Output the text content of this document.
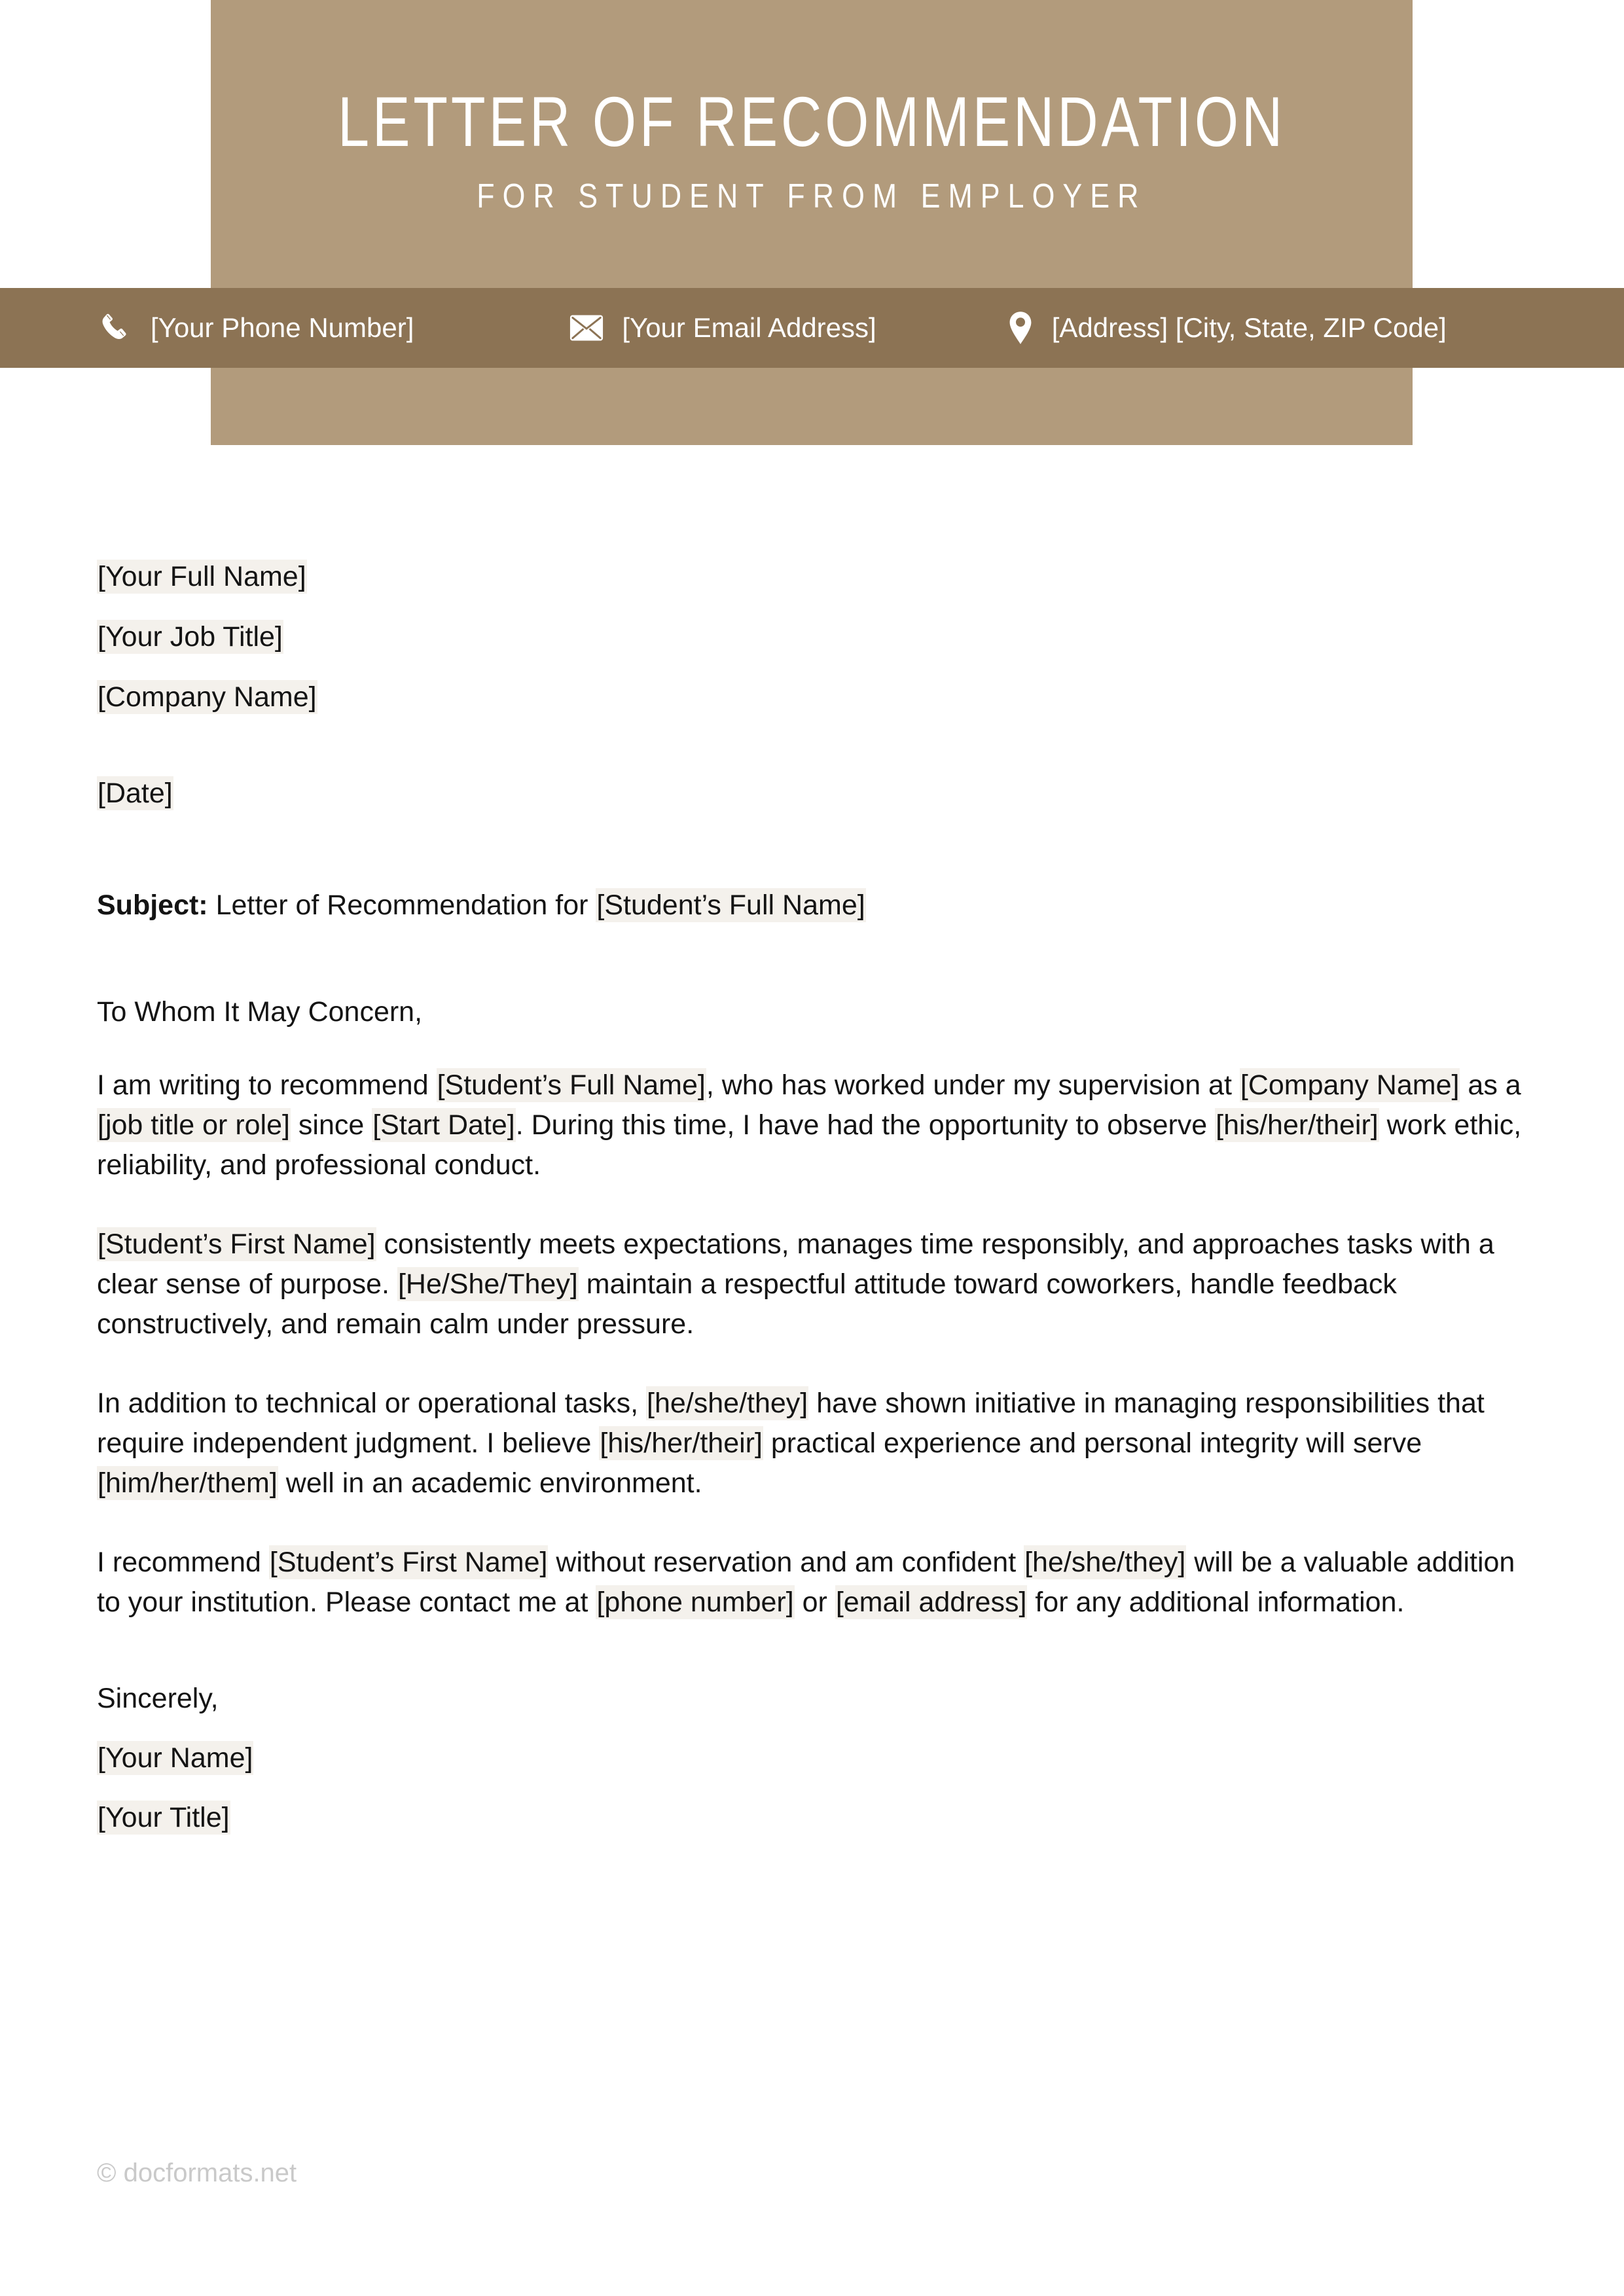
LETTER OF RECOMMENDATION
FOR STUDENT FROM EMPLOYER
[Your Phone Number]	[Your Email Address]	[Address] [City, State, ZIP Code]
[Your Full Name]
[Your Job Title]
[Company Name]
[Date]
Subject: Letter of Recommendation for [Student’s Full Name]
To Whom It May Concern,
I am writing to recommend [Student’s Full Name], who has worked under my supervision at [Company Name] as a [job title or role] since [Start Date]. During this time, I have had the opportunity to observe [his/her/their] work ethic, reliability, and professional conduct.
[Student’s First Name] consistently meets expectations, manages time responsibly, and approaches tasks with a clear sense of purpose. [He/She/They] maintain a respectful attitude toward coworkers, handle feedback constructively, and remain calm under pressure.
In addition to technical or operational tasks, [he/she/they] have shown initiative in managing responsibilities that require independent judgment. I believe [his/her/their] practical experience and personal integrity will serve [him/her/them] well in an academic environment.
I recommend [Student’s First Name] without reservation and am confident [he/she/they] will be a valuable addition to your institution. Please contact me at [phone number] or [email address] for any additional information.
Sincerely,
[Your Name]
[Your Title]
© docformats.net
